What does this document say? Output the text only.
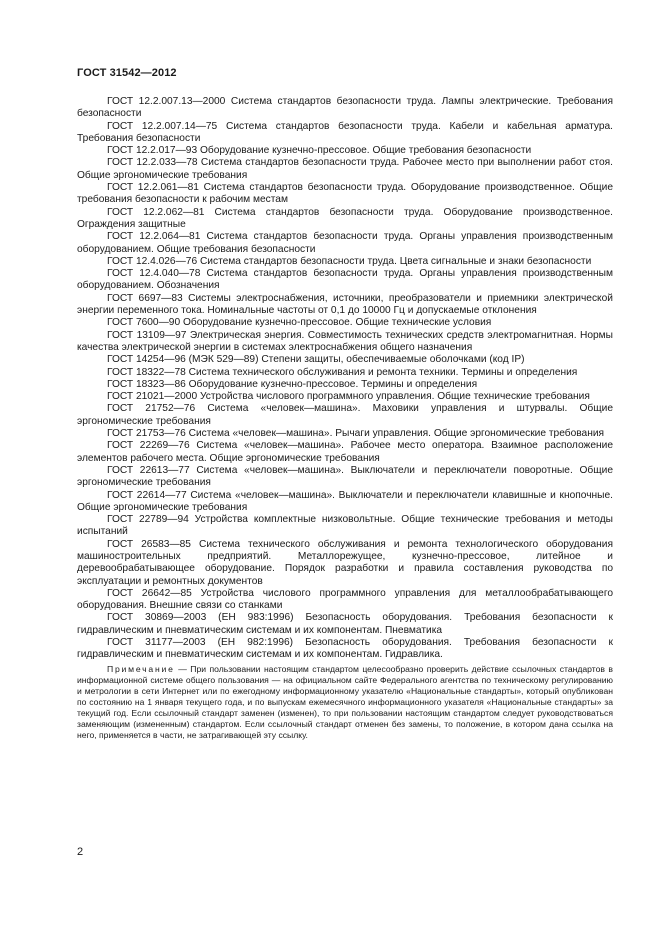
ГОСТ 31542—2012

ГОСТ 12.2.007.13—2000 Система стандартов безопасности труда. Лампы электрические. Требования безопасности

ГОСТ 12.2.007.14—75 Система стандартов безопасности труда. Кабели и кабельная арматура. Требования безопасности

ГОСТ 12.2.017—93 Оборудование кузнечно-прессовое. Общие требования безопасности

ГОСТ 12.2.033—78 Система стандартов безопасности труда. Рабочее место при выполнении работ стоя. Общие эргономические требования

ГОСТ 12.2.061—81 Система стандартов безопасности труда. Оборудование производственное. Общие требования безопасности к рабочим местам

ГОСТ 12.2.062—81 Система стандартов безопасности труда. Оборудование производственное. Ограждения защитные

ГОСТ 12.2.064—81 Система стандартов безопасности труда. Органы управления производственным оборудованием. Общие требования безопасности

ГОСТ 12.4.026—76 Система стандартов безопасности труда. Цвета сигнальные и знаки безопасности

ГОСТ 12.4.040—78 Система стандартов безопасности труда. Органы управления производственным оборудованием. Обозначения

ГОСТ 6697—83 Системы электроснабжения, источники, преобразователи и приемники электрической энергии переменного тока. Номинальные частоты от 0,1 до 10000 Гц и допускаемые отклонения

ГОСТ 7600—90 Оборудование кузнечно-прессовое. Общие технические условия

ГОСТ 13109—97 Электрическая энергия. Совместимость технических средств электромагнитная. Нормы качества электрической энергии в системах электроснабжения общего назначения

ГОСТ 14254—96 (МЭК 529—89) Степени защиты, обеспечиваемые оболочками (код IP)

ГОСТ 18322—78 Система технического обслуживания и ремонта техники. Термины и определения

ГОСТ 18323—86 Оборудование кузнечно-прессовое. Термины и определения

ГОСТ 21021—2000 Устройства числового программного управления. Общие технические требования

ГОСТ 21752—76 Система «человек—машина». Маховики управления и штурвалы. Общие эргономические требования

ГОСТ 21753—76 Система «человек—машина». Рычаги управления. Общие эргономические требования

ГОСТ 22269—76 Система «человек—машина». Рабочее место оператора. Взаимное расположение элементов рабочего места. Общие эргономические требования

ГОСТ 22613—77 Система «человек—машина». Выключатели и переключатели поворотные. Общие эргономические требования

ГОСТ 22614—77 Система «человек—машина». Выключатели и переключатели клавишные и кнопочные. Общие эргономические требования

ГОСТ 22789—94 Устройства комплектные низковольтные. Общие технические требования и методы испытаний

ГОСТ 26583—85 Система технического обслуживания и ремонта технологического оборудования машиностроительных предприятий. Металлорежущее, кузнечно-прессовое, литейное и деревообрабатывающее оборудование. Порядок разработки и правила составления руководства по эксплуатации и ремонтных документов

ГОСТ 26642—85 Устройства числового программного управления для металлообрабатывающего оборудования. Внешние связи со станками

ГОСТ 30869—2003 (ЕН 983:1996) Безопасность оборудования. Требования безопасности к гидравлическим и пневматическим системам и их компонентам. Пневматика

ГОСТ 31177—2003 (ЕН 982:1996) Безопасность оборудования. Требования безопасности к гидравлическим и пневматическим системам и их компонентам. Гидравлика.

Примечание — При пользовании настоящим стандартом целесообразно проверить действие ссылочных стандартов в информационной системе общего пользования — на официальном сайте Федерального агентства по техническому регулированию и метрологии в сети Интернет или по ежегодному информационному указателю «Национальные стандарты», который опубликован по состоянию на 1 января текущего года, и по выпускам ежемесячного информационного указателя «Национальные стандарты» за текущий год. Если ссылочный стандарт заменен (изменен), то при пользовании настоящим стандартом следует руководствоваться заменяющим (измененным) стандартом. Если ссылочный стандарт отменен без замены, то положение, в котором дана ссылка на него, применяется в части, не затрагивающей эту ссылку.

2
